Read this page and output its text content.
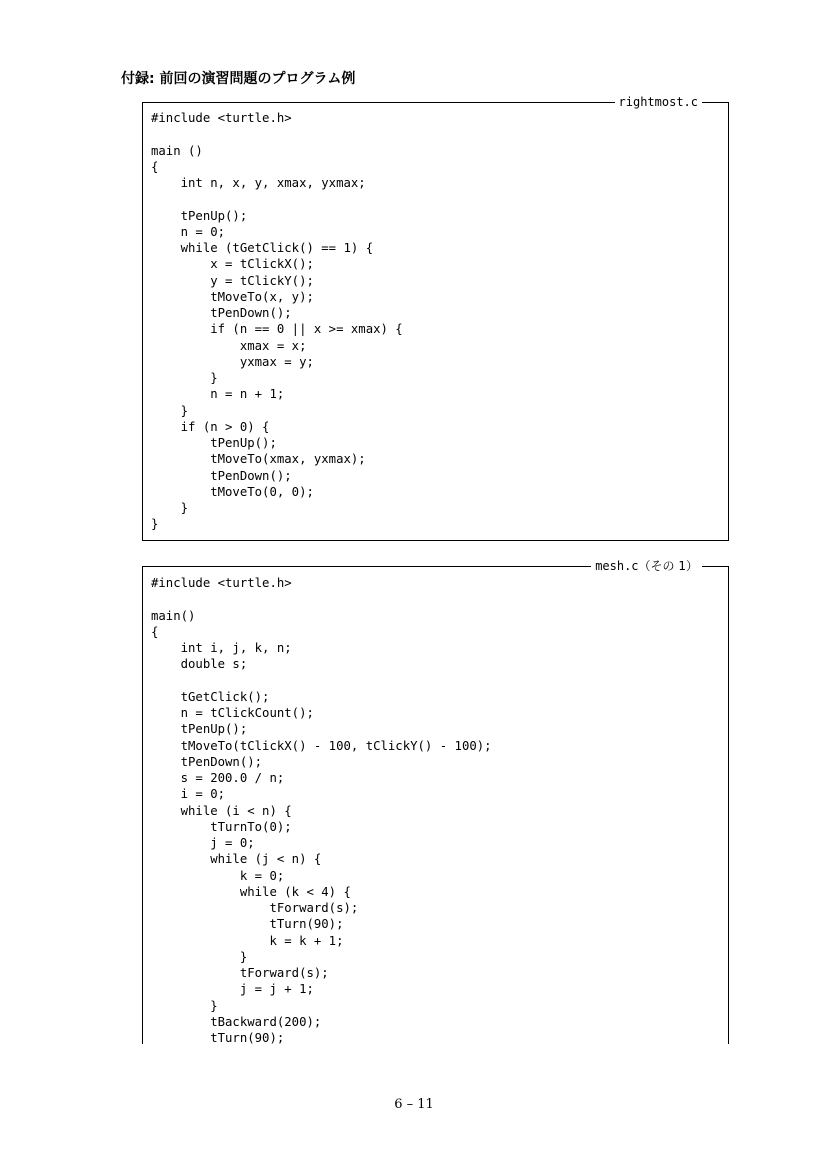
付録: 前回の演習問題のプログラム例
rightmost.c
#include <turtle.h>

main ()
{
int n, x, y, xmax, yxmax;

tPenUp();
n = 0;
while (tGetClick() == 1) {
x = tClickX();
y = tClickY();
tMoveTo(x, y);
tPenDown();
if (n == 0 || x >= xmax) {
xmax = x;
yxmax = y;
}
n = n + 1;
}
if (n > 0) {
tPenUp();
tMoveTo(xmax, yxmax);
tPenDown();
tMoveTo(0, 0);
}
}
mesh.c（その 1）
#include <turtle.h>

main()
{
int i, j, k, n;
double s;

tGetClick();
n = tClickCount();
tPenUp();
tMoveTo(tClickX() - 100, tClickY() - 100);
tPenDown();
s = 200.0 / n;
i = 0;
while (i < n) {
tTurnTo(0);
j = 0;
while (j < n) {
k = 0;
while (k < 4) {
tForward(s);
tTurn(90);
k = k + 1;
}
tForward(s);
j = j + 1;
}
tBackward(200);
tTurn(90);
6 – 11
